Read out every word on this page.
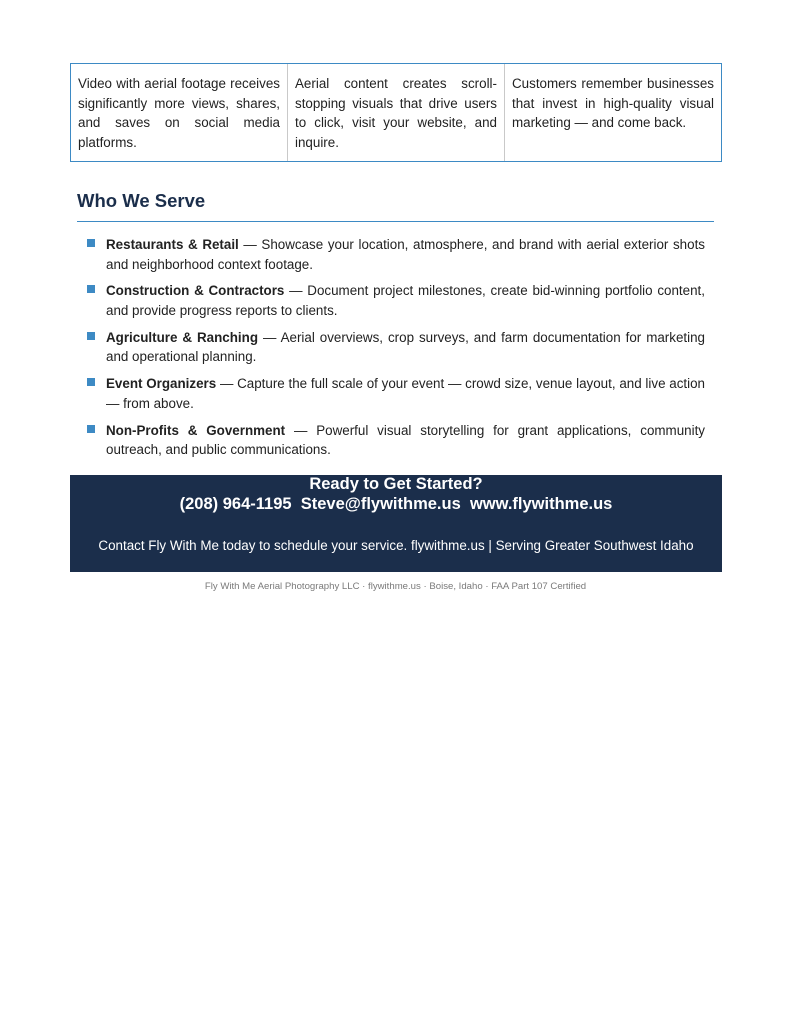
Video with aerial footage receives significantly more views, shares, and saves on social media platforms.
Aerial content creates scroll-stopping visuals that drive users to click, visit your website, and inquire.
Customers remember businesses that invest in high-quality visual marketing — and come back.
Who We Serve
Restaurants & Retail — Showcase your location, atmosphere, and brand with aerial exterior shots and neighborhood context footage.
Construction & Contractors — Document project milestones, create bid-winning portfolio content, and provide progress reports to clients.
Agriculture & Ranching — Aerial overviews, crop surveys, and farm documentation for marketing and operational planning.
Event Organizers — Capture the full scale of your event — crowd size, venue layout, and live action — from above.
Non-Profits & Government — Powerful visual storytelling for grant applications, community outreach, and public communications.
Ready to Get Started?
(208) 964-1195  Steve@flywithme.us  www.flywithme.us
Contact Fly With Me today to schedule your service. flywithme.us | Serving Greater Southwest Idaho
Fly With Me Aerial Photography LLC · flywithme.us · Boise, Idaho · FAA Part 107 Certified
